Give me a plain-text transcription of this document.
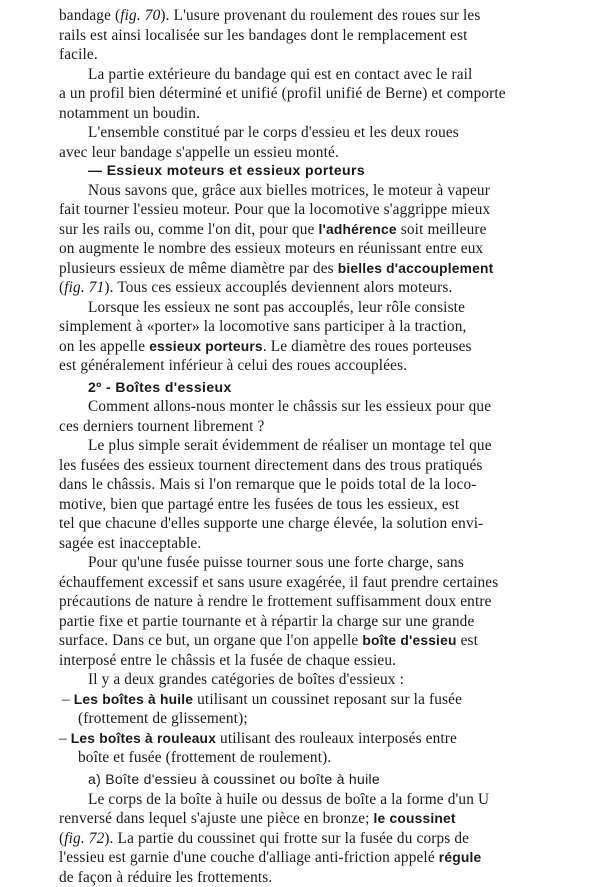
bandage (fig. 70). L'usure provenant du roulement des roues sur les
rails est ainsi localisée sur les bandages dont le remplacement est
facile.
La partie extérieure du bandage qui est en contact avec le rail
a un profil bien déterminé et unifié (profil unifié de Berne) et comporte
notamment un boudin.
L'ensemble constitué par le corps d'essieu et les deux roues
avec leur bandage s'appelle un essieu monté.
— Essieux moteurs et essieux porteurs
Nous savons que, grâce aux bielles motrices, le moteur à vapeur
fait tourner l'essieu moteur. Pour que la locomotive s'aggrippe mieux
sur les rails ou, comme l'on dit, pour que l'adhérence soit meilleure
on augmente le nombre des essieux moteurs en réunissant entre eux
plusieurs essieux de même diamètre par des bielles d'accouplement
(fig. 71). Tous ces essieux accouplés deviennent alors moteurs.
Lorsque les essieux ne sont pas accouplés, leur rôle consiste
simplement à «porter» la locomotive sans participer à la traction,
on les appelle essieux porteurs. Le diamètre des roues porteuses
est généralement inférieur à celui des roues accouplées.
2º - Boîtes d'essieux
Comment allons-nous monter le châssis sur les essieux pour que
ces derniers tournent librement ?
Le plus simple serait évidemment de réaliser un montage tel que
les fusées des essieux tournent directement dans des trous pratiqués
dans le châssis. Mais si l'on remarque que le poids total de la loco-
motive, bien que partagé entre les fusées de tous les essieux, est
tel que chacune d'elles supporte une charge élevée, la solution envi-
sagée est inacceptable.
Pour qu'une fusée puisse tourner sous une forte charge, sans
échauffement excessif et sans usure exagérée, il faut prendre certaines
précautions de nature à rendre le frottement suffisamment doux entre
partie fixe et partie tournante et à répartir la charge sur une grande
surface. Dans ce but, un organe que l'on appelle boîte d'essieu est
interposé entre le châssis et la fusée de chaque essieu.
Il y a deux grandes catégories de boîtes d'essieux :
– Les boîtes à huile utilisant un coussinet reposant sur la fusée
(frottement de glissement);
– Les boîtes à rouleaux utilisant des rouleaux interposés entre
boîte et fusée (frottement de roulement).
a) Boîte d'essieu à coussinet ou boîte à huile
Le corps de la boîte à huile ou dessus de boîte a la forme d'un U
renversé dans lequel s'ajuste une pièce en bronze; le coussinet
(fig. 72). La partie du coussinet qui frotte sur la fusée du corps de
l'essieu est garnie d'une couche d'alliage anti-friction appelé régule
de façon à réduire les frottements.
